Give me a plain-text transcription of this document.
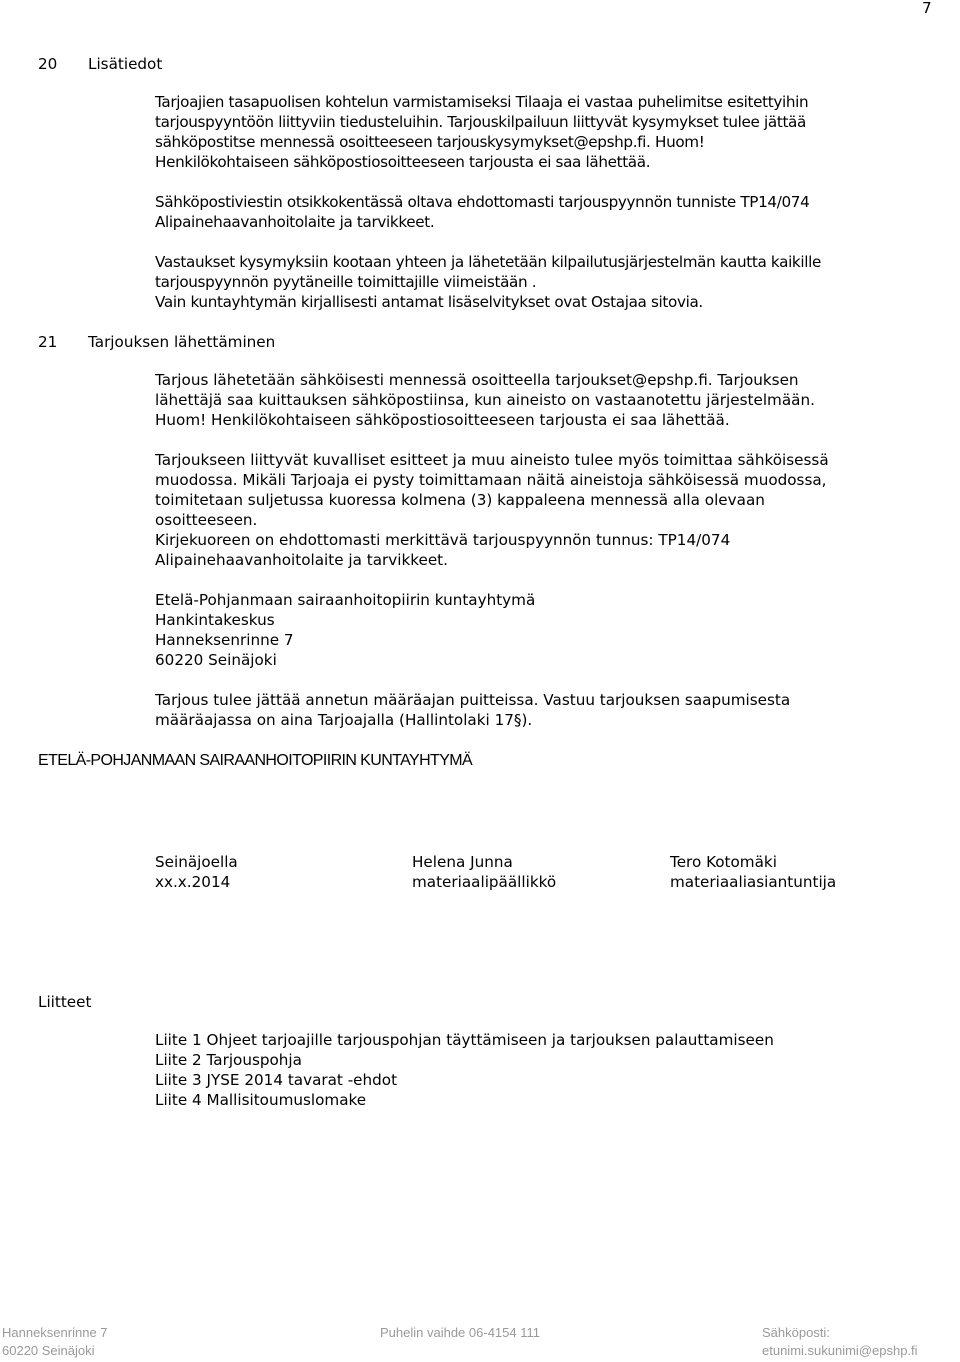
7
20 Lisätiedot
Tarjoajien tasapuolisen kohtelun varmistamiseksi Tilaaja ei vastaa puhelimitse esitettyihin
tarjouspyyntöön liittyviin tiedusteluihin. Tarjouskilpailuun liittyvät kysymykset tulee jättää
sähköpostitse mennessä osoitteeseen tarjouskysymykset@epshp.fi. Huom!
Henkilökohtaiseen sähköpostiosoitteeseen tarjousta ei saa lähettää.
Sähköpostiviestin otsikkokentässä oltava ehdottomasti tarjouspyynnön tunniste TP14/074
Alipainehaavanhoitolaite ja tarvikkeet.
Vastaukset kysymyksiin kootaan yhteen ja lähetetään kilpailutusjärjestelmän kautta kaikille
tarjouspyynnön pyytäneille toimittajille viimeistään .
Vain kuntayhtymän kirjallisesti antamat lisäselvitykset ovat Ostajaa sitovia.
21 Tarjouksen lähettäminen
Tarjous lähetetään sähköisesti mennessä osoitteella tarjoukset@epshp.fi. Tarjouksen
lähettäjä saa kuittauksen sähköpostiinsa, kun aineisto on vastaanotettu järjestelmään.
Huom! Henkilökohtaiseen sähköpostiosoitteeseen tarjousta ei saa lähettää.
Tarjoukseen liittyvät kuvalliset esitteet ja muu aineisto tulee myös toimittaa sähköisessä
muodossa. Mikäli Tarjoaja ei pysty toimittamaan näitä aineistoja sähköisessä muodossa,
toimitetaan suljetussa kuoressa kolmena (3) kappaleena mennessä alla olevaan
osoitteeseen.
Kirjekuoreen on ehdottomasti merkittävä tarjouspyynnön tunnus: TP14/074
Alipainehaavanhoitolaite ja tarvikkeet.
Etelä-Pohjanmaan sairaanhoitopiirin kuntayhtymä
Hankintakeskus
Hanneksenrinne 7
60220 Seinäjoki
Tarjous tulee jättää annetun määräajan puitteissa. Vastuu tarjouksen saapumisesta
määräajassa on aina Tarjoajalla (Hallintolaki 17§).
ETELÄ-POHJANMAAN SAIRAANHOITOPIIRIN KUNTAYHTYMÄ
Seinäjoella
xx.x.2014
Helena Junna
materiaalipäällikkö
Tero Kotomäki
materiaaliasiantuntija
Liitteet
Liite 1 Ohjeet tarjoajille tarjouspohjan täyttämiseen ja tarjouksen palauttamiseen
Liite 2 Tarjouspohja
Liite 3 JYSE 2014 tavarat -ehdot
Liite 4 Mallisitoumuslomake
Hanneksenrinne 7
60220 Seinäjoki
Puhelin vaihde 06-4154 111	Sähköposti:
etunimi.sukunimi@epshp.fi
